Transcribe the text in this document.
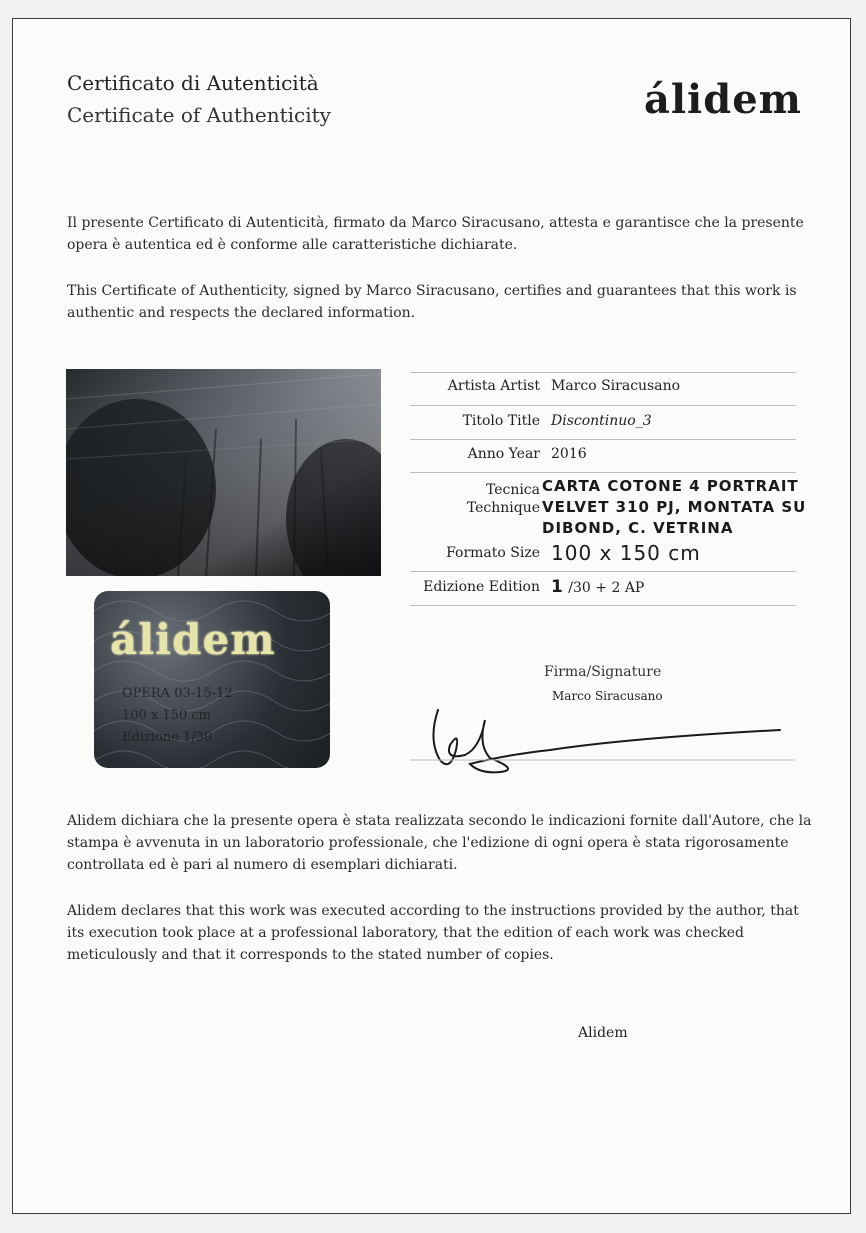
Certificato di Autenticità
Certificate of Authenticity	álidem
Il presente Certificato di Autenticità, firmato da Marco Siracusano, attesta e garantisce che la presente opera è autentica ed è conforme alle caratteristiche dichiarate.
This Certificate of Authenticity, signed by Marco Siracusano, certifies and guarantees that this work is authentic and respects the declared information.
álidem
OPERA 03-15-12
100 x 150 cm
Edizione 1/30
Artista Artist Marco Siracusano
Titolo Title Discontinuo_3
Anno Year 2016
Tecnica
Technique
CARTA COTONE 4 PORTRAIT
VELVET 310 PJ, MONTATA SU
DIBOND, C. VETRINA
Formato Size 100 x 150 cm
Edizione Edition 1 /30 + 2 AP
Firma/Signature
Marco Siracusano
Alidem dichiara che la presente opera è stata realizzata secondo le indicazioni fornite dall'Autore, che la stampa è avvenuta in un laboratorio professionale, che l'edizione di ogni opera è stata rigorosamente controllata ed è pari al numero di esemplari dichiarati.
Alidem declares that this work was executed according to the instructions provided by the author, that its execution took place at a professional laboratory, that the edition of each work was checked meticulously and that it corresponds to the stated number of copies.
Alidem
